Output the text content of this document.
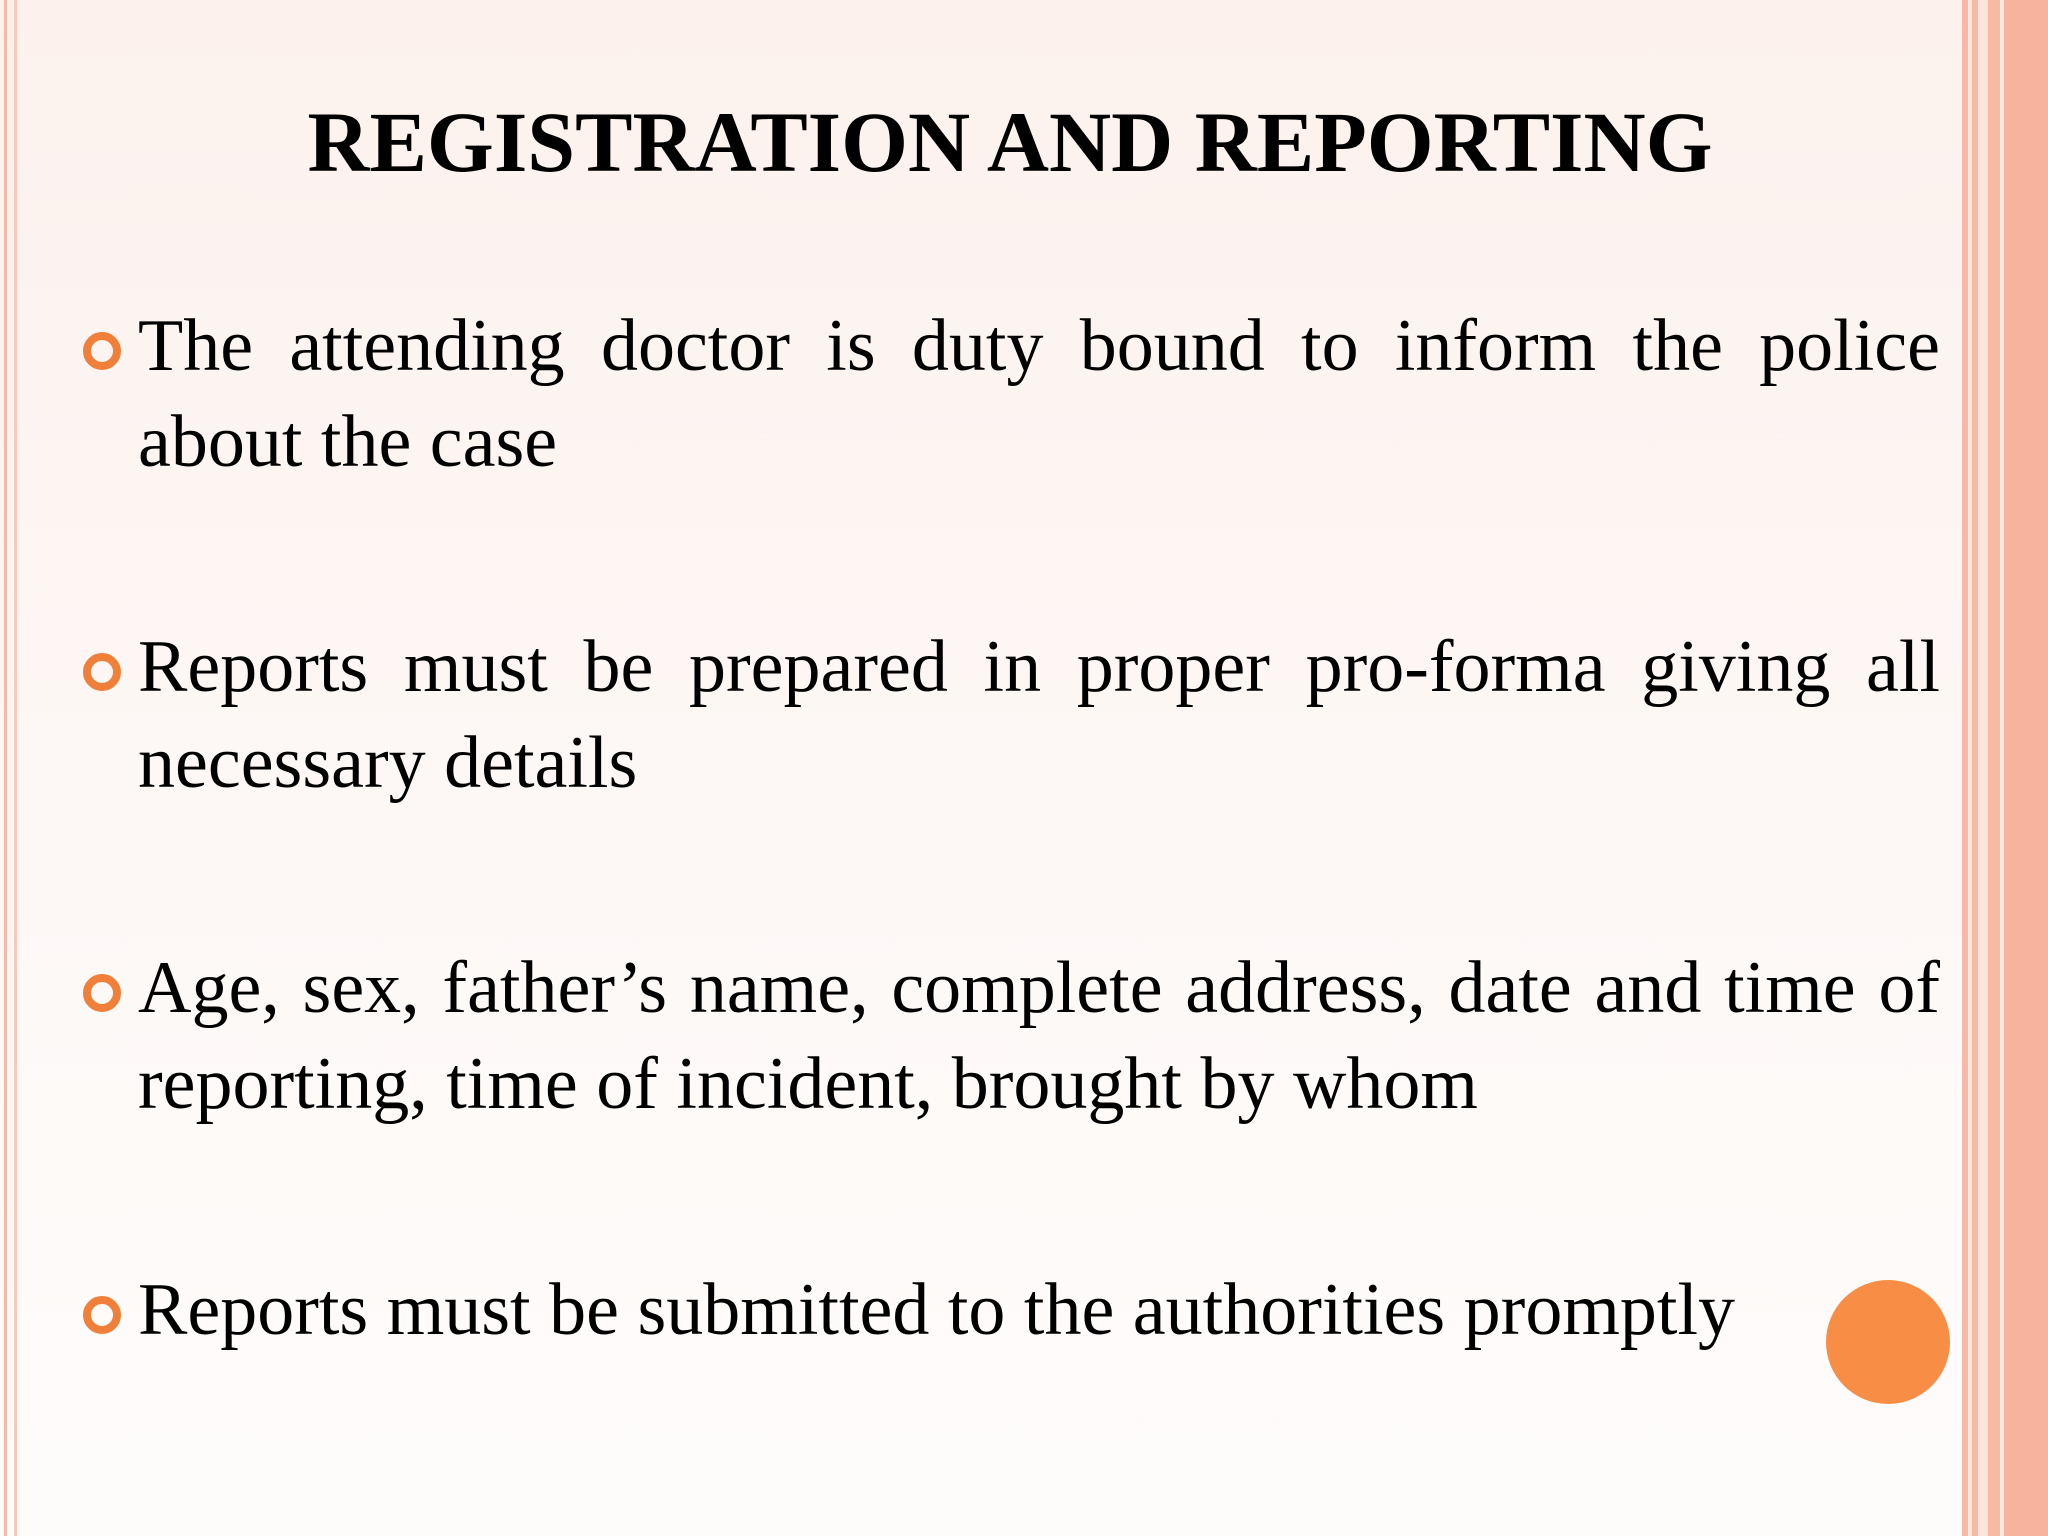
REGISTRATION AND REPORTING
The attending doctor is duty bound to inform the police about the case
Reports must be prepared in proper pro-forma giving all necessary details
Age, sex, father’s name, complete address, date and time of reporting, time of incident, brought by whom
Reports must be submitted to the authorities promptly
